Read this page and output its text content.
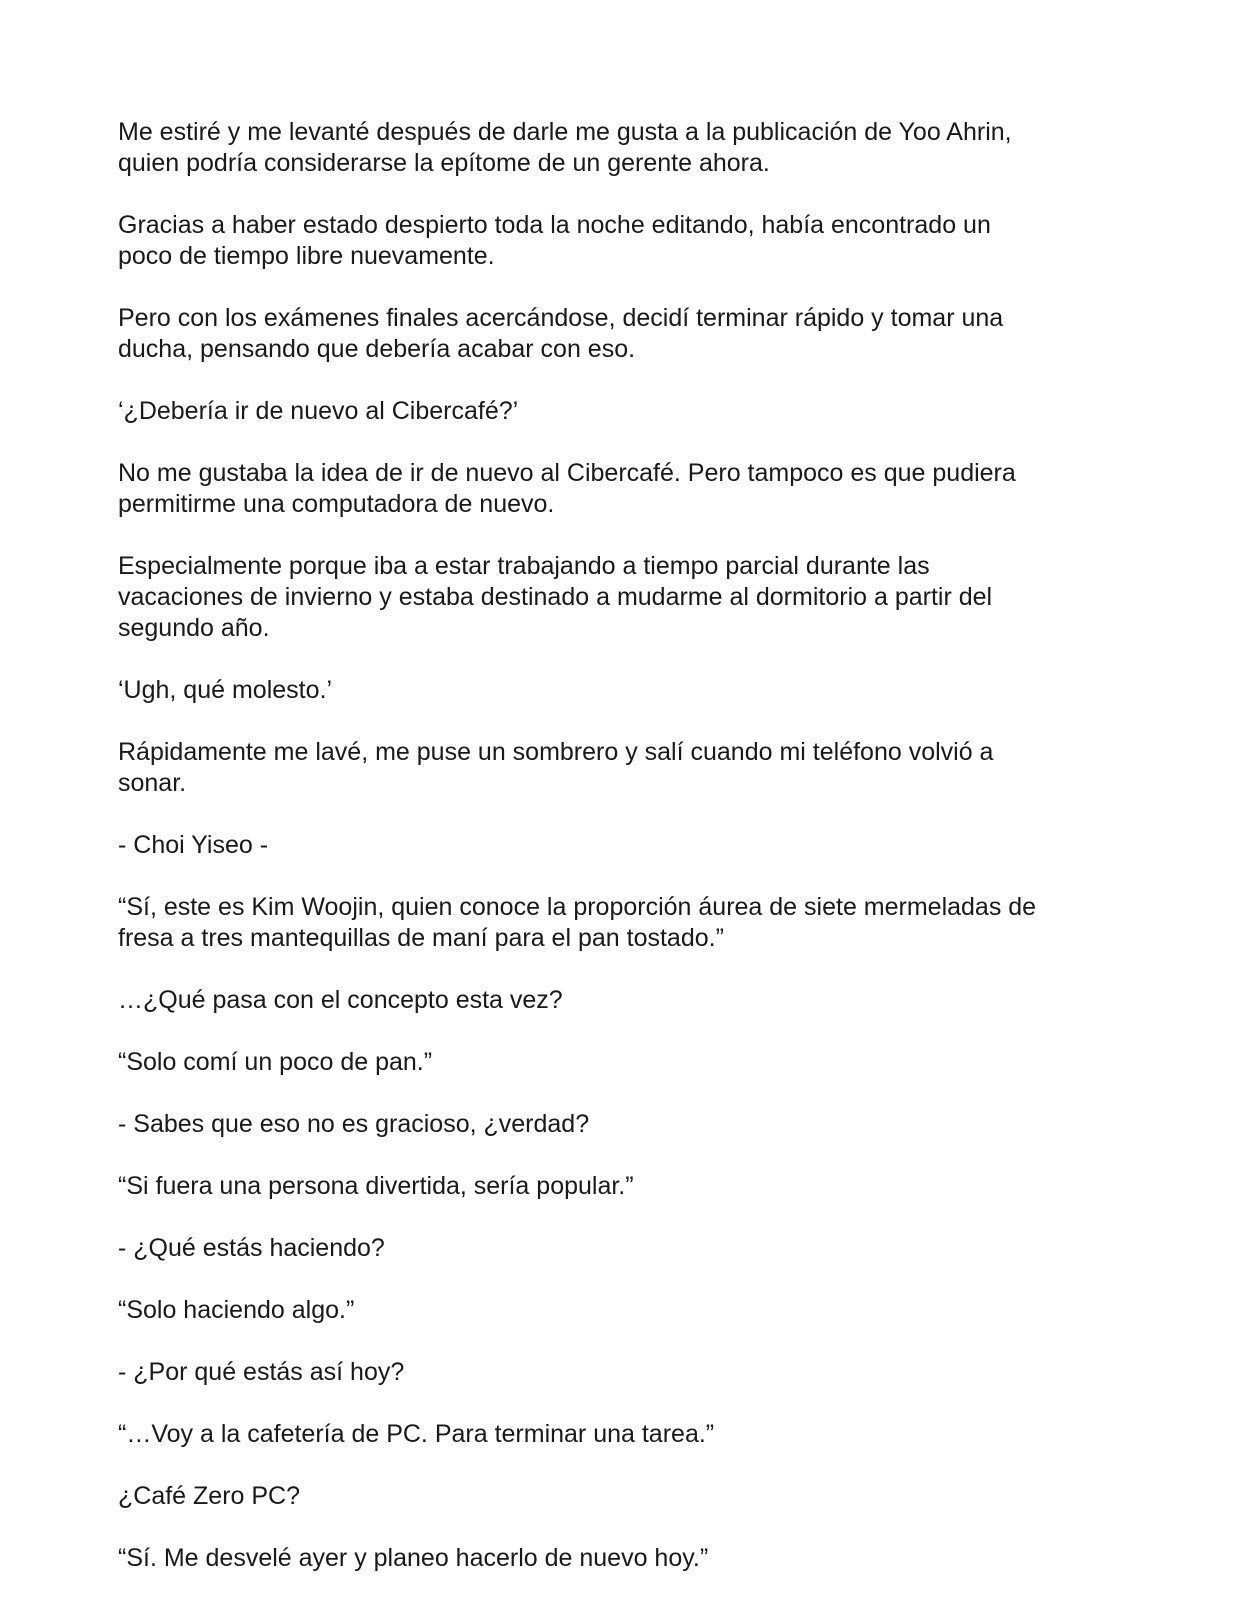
Me estiré y me levanté después de darle me gusta a la publicación de Yoo Ahrin,
quien podría considerarse la epítome de un gerente ahora.

Gracias a haber estado despierto toda la noche editando, había encontrado un
poco de tiempo libre nuevamente.

Pero con los exámenes finales acercándose, decidí terminar rápido y tomar una
ducha, pensando que debería acabar con eso.

‘¿Debería ir de nuevo al Cibercafé?’

No me gustaba la idea de ir de nuevo al Cibercafé. Pero tampoco es que pudiera
permitirme una computadora de nuevo.

Especialmente porque iba a estar trabajando a tiempo parcial durante las
vacaciones de invierno y estaba destinado a mudarme al dormitorio a partir del
segundo año.

‘Ugh, qué molesto.’

Rápidamente me lavé, me puse un sombrero y salí cuando mi teléfono volvió a
sonar.

- Choi Yiseo -

“Sí, este es Kim Woojin, quien conoce la proporción áurea de siete mermeladas de
fresa a tres mantequillas de maní para el pan tostado.”

…¿Qué pasa con el concepto esta vez?

“Solo comí un poco de pan.”

- Sabes que eso no es gracioso, ¿verdad?

“Si fuera una persona divertida, sería popular.”

- ¿Qué estás haciendo?

“Solo haciendo algo.”

- ¿Por qué estás así hoy?

“…Voy a la cafetería de PC. Para terminar una tarea.”

¿Café Zero PC?

“Sí. Me desvelé ayer y planeo hacerlo de nuevo hoy.”
